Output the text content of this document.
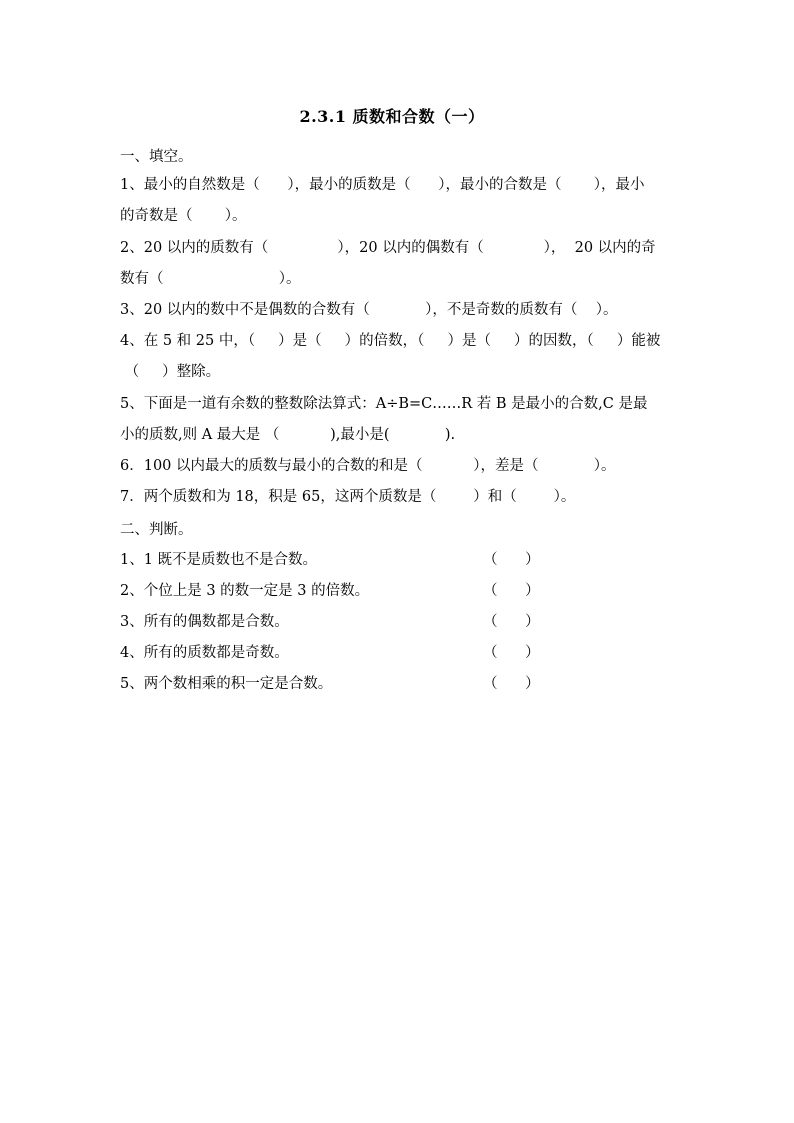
2.3.1 质数和合数（一）
一、填空。
1、最小的自然数是（      ），最小的质数是（      ），最小的合数是（       ），最小
的奇数是（       ）。
2、20 以内的质数有（               ），20 以内的偶数有（             ），  20 以内的奇
数有（                         ）。
3、20 以内的数中不是偶数的合数有（            ），不是奇数的质数有（    ）。
4、在 5 和 25 中，（     ）是（     ）的倍数，（     ）是（     ）的因数，（     ）能被
（     ）整除。
5、下面是一道有余数的整数除法算式：A÷B=C……R 若 B 是最小的合数,C 是最
小的质数,则 A 最大是 （           ),最小是(            ).
6．100 以内最大的质数与最小的合数的和是（           ），差是（            ）。
7．两个质数和为 18，积是 65，这两个质数是（        ）和（        ）。
二、判断。
1、1 既不是质数也不是合数。	（      ）
2、个位上是 3 的数一定是 3 的倍数。	（      ）
3、所有的偶数都是合数。	（      ）
4、所有的质数都是奇数。	（      ）
5、两个数相乘的积一定是合数。	（      ）
